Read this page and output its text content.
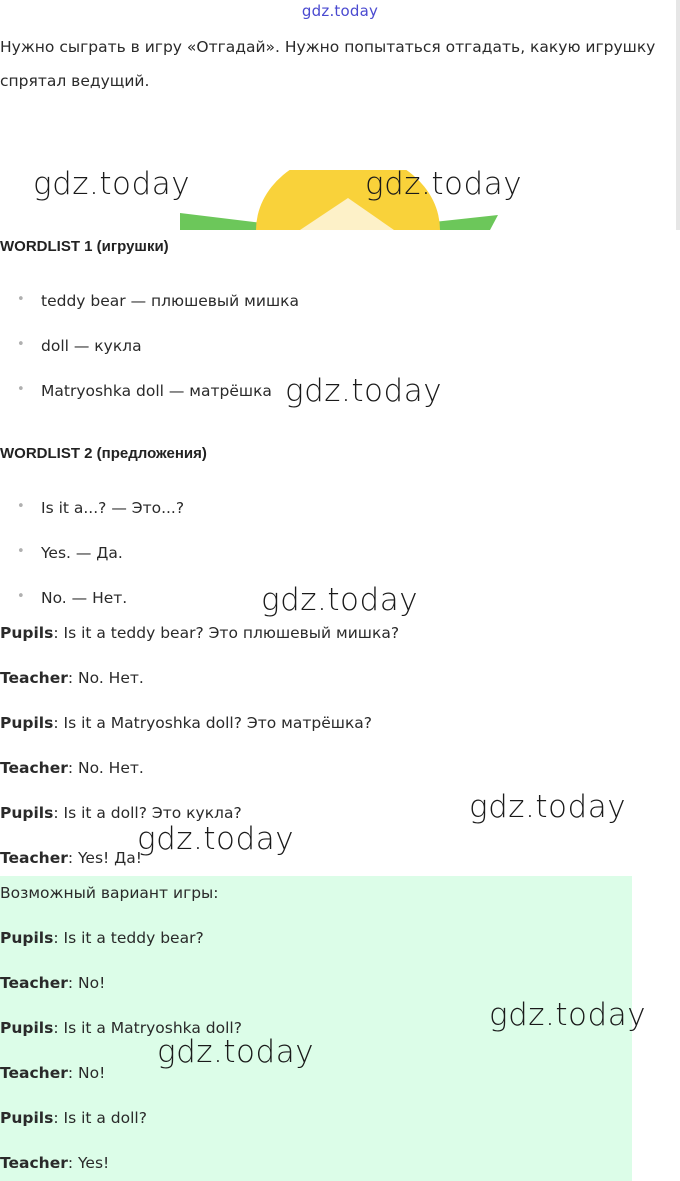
gdz.today
Нужно сыграть в игру «Отгадай». Нужно попытаться отгадать, какую игрушку спрятал ведущий.
WORDLIST 1 (игрушки)
• teddy bear — плюшевый мишка
• doll — кукла
• Matryoshka doll — матрёшка
WORDLIST 2 (предложения)
• Is it a...? — Это...?
• Yes. — Да.
• No. — Нет.
Pupils: Is it a teddy bear? Это плюшевый мишка?
Teacher: No. Нет.
Pupils: Is it a Matryoshka doll? Это матрёшка?
Teacher: No. Нет.
Pupils: Is it a doll? Это кукла?
Teacher: Yes! Да!
Возможный вариант игры:
Pupils: Is it a teddy bear?
Teacher: No!
Pupils: Is it a Matryoshka doll?
Teacher: No!
Pupils: Is it a doll?
Teacher: Yes!
gdz.today	gdz.today
gdz.today
gdz.today
gdz.today
gdz.today
gdz.today
gdz.today
